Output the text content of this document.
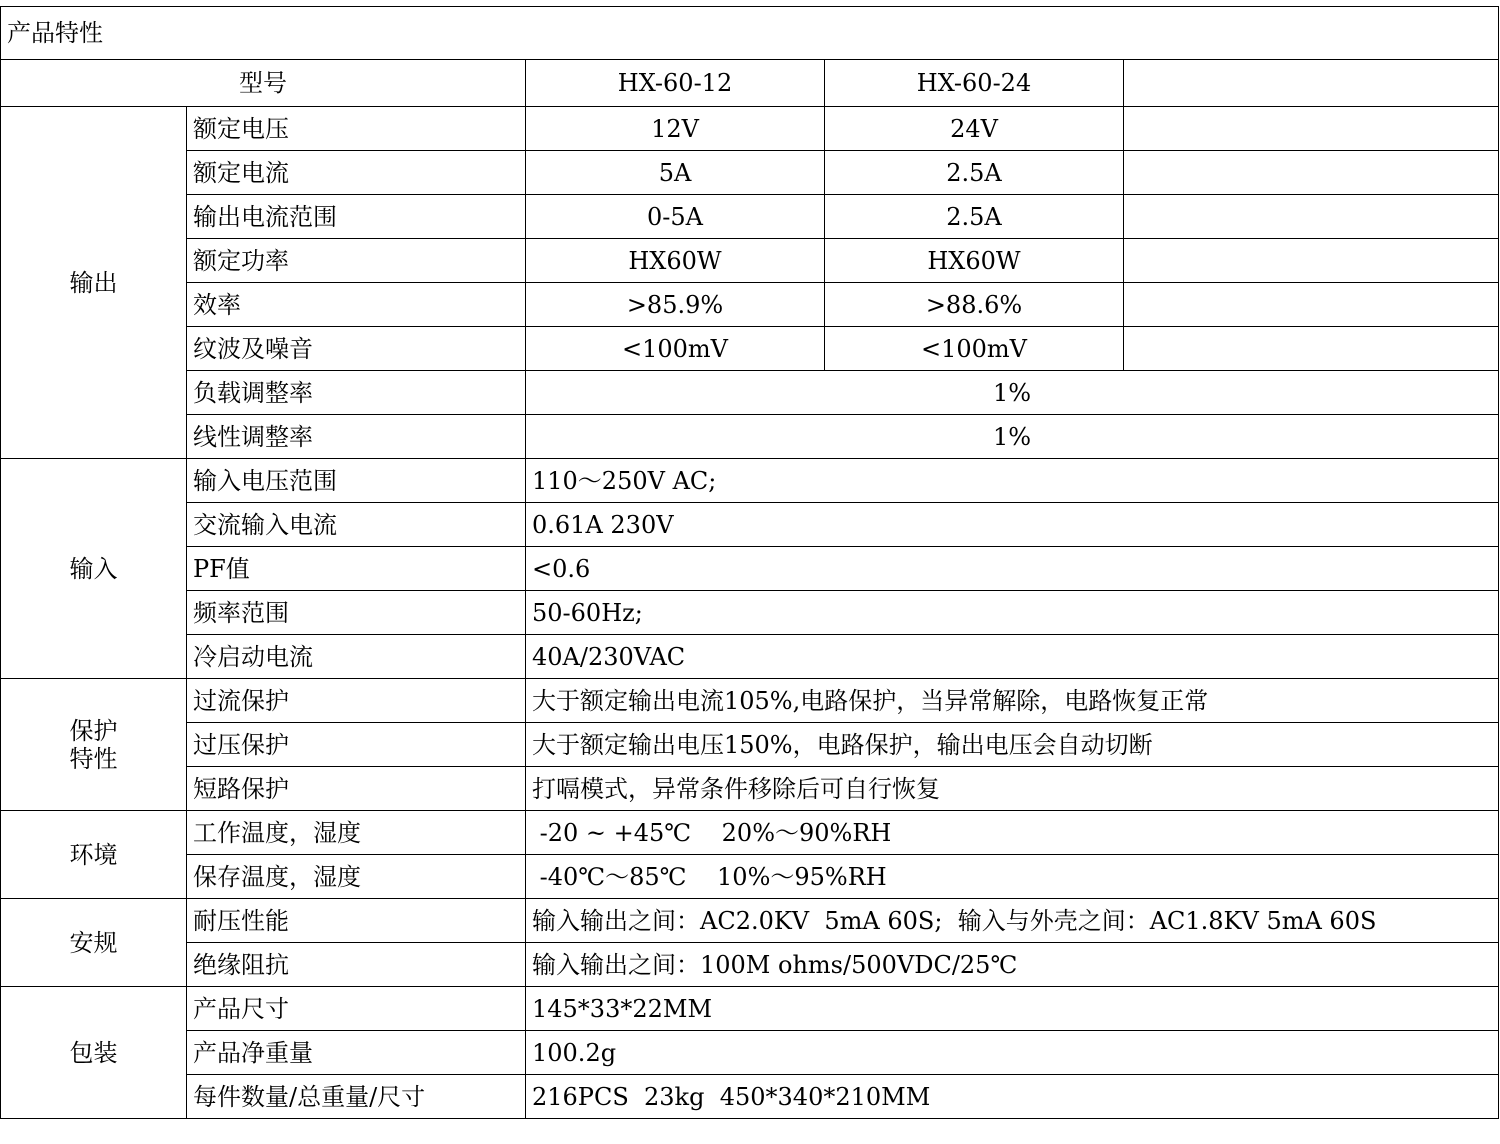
产品特性				
型号		HX-60-12	HX-60-24	
输出	额定电压	12V	24V	
	额定电流	5A	2.5A	
	输出电流范围	0-5A	2.5A	
	额定功率	HX60W	HX60W	
	效率	>85.9%	>88.6%	
	纹波及噪音	<100mV	<100mV	
	负载调整率	1%		
	线性调整率	1%		
输入	输入电压范围	110～250V AC;		
	交流输入电流	0.61A 230V		
	PF值	<0.6		
	频率范围	50-60Hz;		
	冷启动电流	40A/230VAC		

保护
特性	过流保护	大于额定输出电流105%,电路保护，当异常解除，电路恢复正常		
	过压保护	大于额定输出电压150%，电路保护，输出电压会自动切断		
	短路保护	打嗝模式，异常条件移除后可自行恢复		
环境	工作温度，湿度	-20 ~ +45℃    20%～90%RH		
	保存温度，湿度	-40℃～85℃    10%～95%RH		
安规	耐压性能	输入输出之间：AC2.0KV  5mA 60S;  输入与外壳之间：AC1.8KV 5mA 60S		
	绝缘阻抗	输入输出之间：100M ohms/500VDC/25℃		
包装	产品尺寸	145*33*22MM		
	产品净重量	100.2g		
	每件数量/总重量/尺寸	216PCS  23kg  450*340*210MM		
